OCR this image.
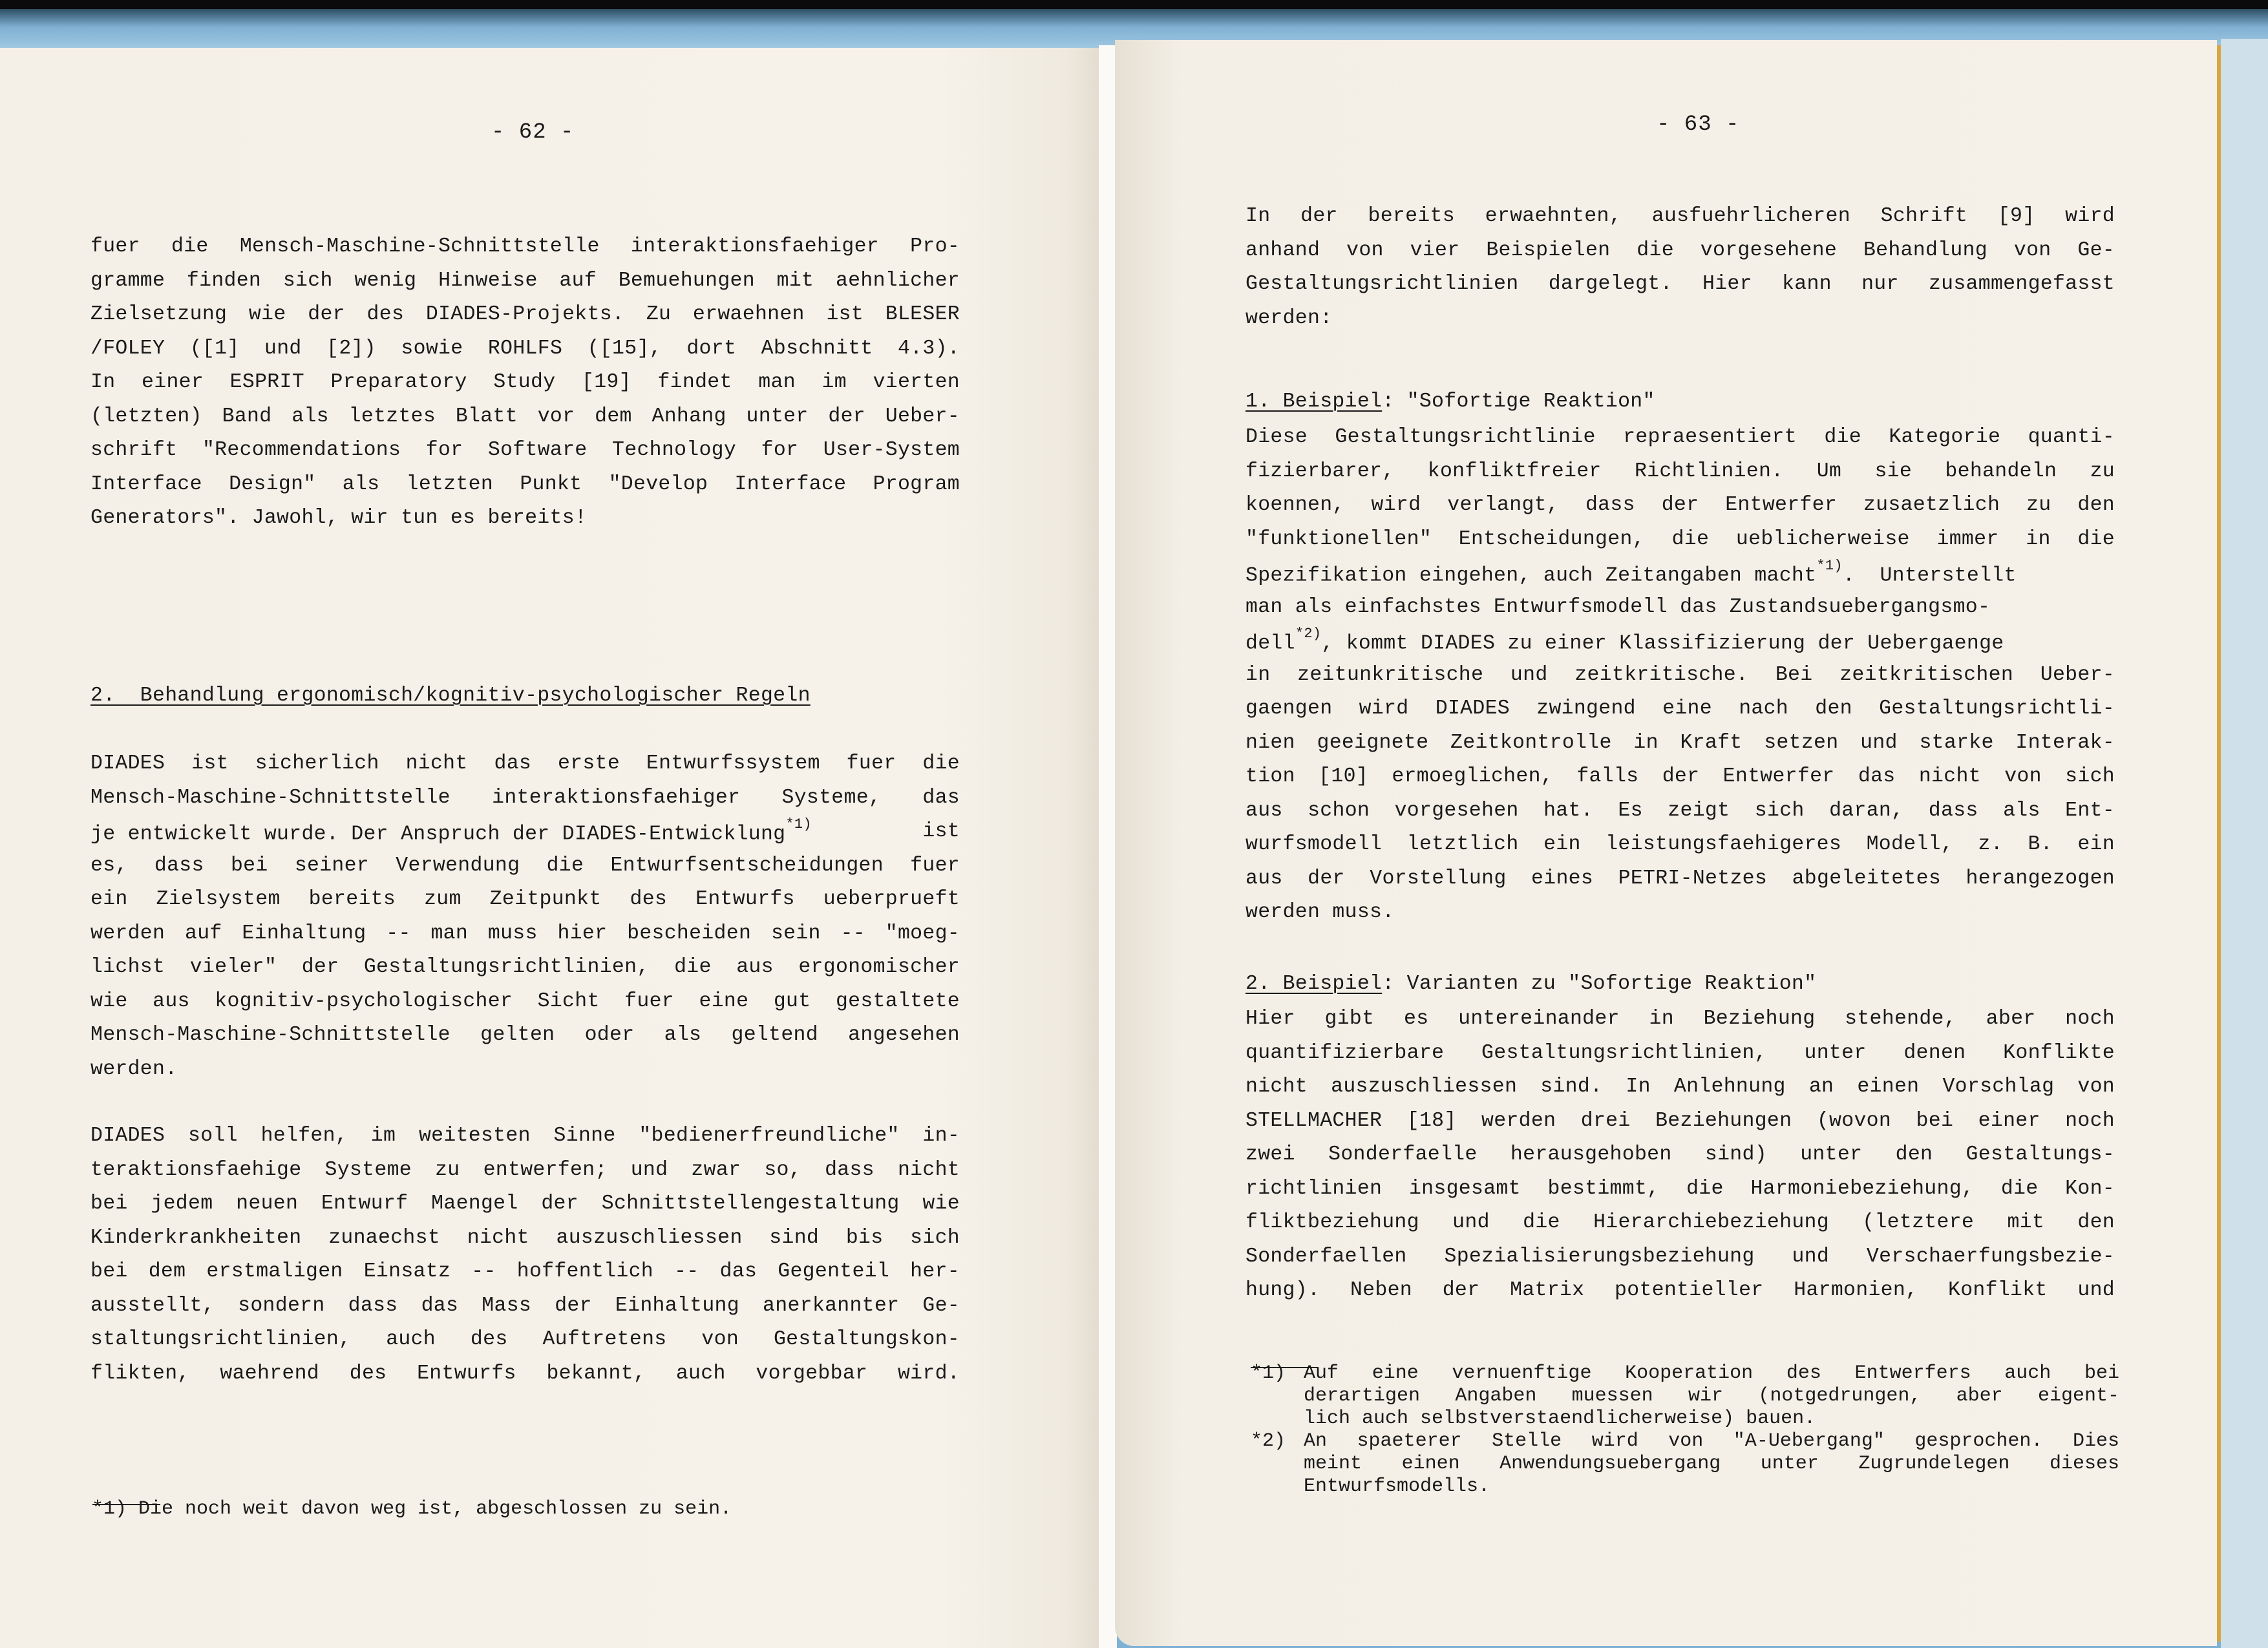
- 62 -
fuer die Mensch-Maschine-Schnittstelle interaktionsfaehiger Pro-
gramme finden sich wenig Hinweise auf Bemuehungen mit aehnlicher
Zielsetzung wie der des DIADES-Projekts. Zu erwaehnen ist BLESER
/FOLEY ([1] und [2]) sowie ROHLFS ([15], dort Abschnitt 4.3).
In einer ESPRIT Preparatory Study [19] findet man im vierten
(letzten) Band als letztes Blatt vor dem Anhang unter der Ueber-
schrift "Recommendations for Software Technology for User-System
Interface Design" als letzten Punkt "Develop Interface Program
Generators". Jawohl, wir tun es bereits!
2.  Behandlung ergonomisch/kognitiv-psychologischer Regeln
DIADES ist sicherlich nicht das erste Entwurfssystem fuer die
Mensch-Maschine-Schnittstelle interaktionsfaehiger Systeme, das
je entwickelt wurde. Der Anspruch der DIADES-Entwicklung$^{*1)}$	ist
es, dass bei seiner Verwendung die Entwurfsentscheidungen fuer
ein Zielsystem bereits zum Zeitpunkt des Entwurfs ueberprueft
werden auf Einhaltung -- man muss hier bescheiden sein -- "moeg-
lichst vieler" der Gestaltungsrichtlinien, die aus ergonomischer
wie aus kognitiv-psychologischer Sicht fuer eine gut gestaltete
Mensch-Maschine-Schnittstelle gelten oder als geltend angesehen
werden.
DIADES soll helfen, im weitesten Sinne "bedienerfreundliche" in-
teraktionsfaehige Systeme zu entwerfen; und zwar so, dass nicht
bei jedem neuen Entwurf Maengel der Schnittstellengestaltung wie
Kinderkrankheiten zunaechst nicht auszuschliessen sind bis sich
bei dem erstmaligen Einsatz -- hoffentlich -- das Gegenteil her-
ausstellt, sondern dass das Mass der Einhaltung anerkannter Ge-
staltungsrichtlinien, auch des Auftretens von Gestaltungskon-
flikten, waehrend des Entwurfs bekannt, auch vorgebbar wird.
*1) Die noch weit davon weg ist, abgeschlossen zu sein.
- 63 -
In der bereits erwaehnten, ausfuehrlicheren Schrift [9] wird
anhand von vier Beispielen die vorgesehene Behandlung von Ge-
Gestaltungsrichtlinien dargelegt. Hier kann nur zusammengefasst
werden:
1. Beispiel: "Sofortige Reaktion"
Diese Gestaltungsrichtlinie repraesentiert die Kategorie quanti-
fizierbarer, konfliktfreier Richtlinien. Um sie behandeln zu
koennen, wird verlangt, dass der Entwerfer zusaetzlich zu den
"funktionellen" Entscheidungen, die ueblicherweise immer in die
Spezifikation eingehen, auch Zeitangaben macht$^{*1)}$.  Unterstellt
man als einfachstes Entwurfsmodell das Zustandsuebergangsmo-
dell$^{*2)}$, kommt DIADES zu einer Klassifizierung der Uebergaenge
in zeitunkritische und zeitkritische. Bei zeitkritischen Ueber-
gaengen wird DIADES zwingend eine nach den Gestaltungsrichtli-
nien geeignete Zeitkontrolle in Kraft setzen und starke Interak-
tion [10] ermoeglichen, falls der Entwerfer das nicht von sich
aus schon vorgesehen hat. Es zeigt sich daran, dass als Ent-
wurfsmodell letztlich ein leistungsfaehigeres Modell, z. B. ein
aus der Vorstellung eines PETRI-Netzes abgeleitetes herangezogen
werden muss.
2. Beispiel: Varianten zu "Sofortige Reaktion"
Hier gibt es untereinander in Beziehung stehende, aber noch
quantifizierbare Gestaltungsrichtlinien, unter denen Konflikte
nicht auszuschliessen sind. In Anlehnung an einen Vorschlag von
STELLMACHER [18] werden drei Beziehungen (wovon bei einer noch
zwei Sonderfaelle herausgehoben sind) unter den Gestaltungs-
richtlinien insgesamt bestimmt, die Harmoniebeziehung, die Kon-
fliktbeziehung und die Hierarchiebeziehung (letztere mit den
Sonderfaellen Spezialisierungsbeziehung und Verschaerfungsbezie-
hung). Neben der Matrix potentieller Harmonien, Konflikt und
*1) Auf eine vernuenftige Kooperation des Entwerfers auch bei
derartigen Angaben muessen wir (notgedrungen, aber eigent-
lich auch selbstverstaendlicherweise) bauen.
*2) An spaeterer Stelle wird von "A-Uebergang" gesprochen. Dies
meint einen Anwendungsuebergang unter Zugrundelegen dieses
Entwurfsmodells.
